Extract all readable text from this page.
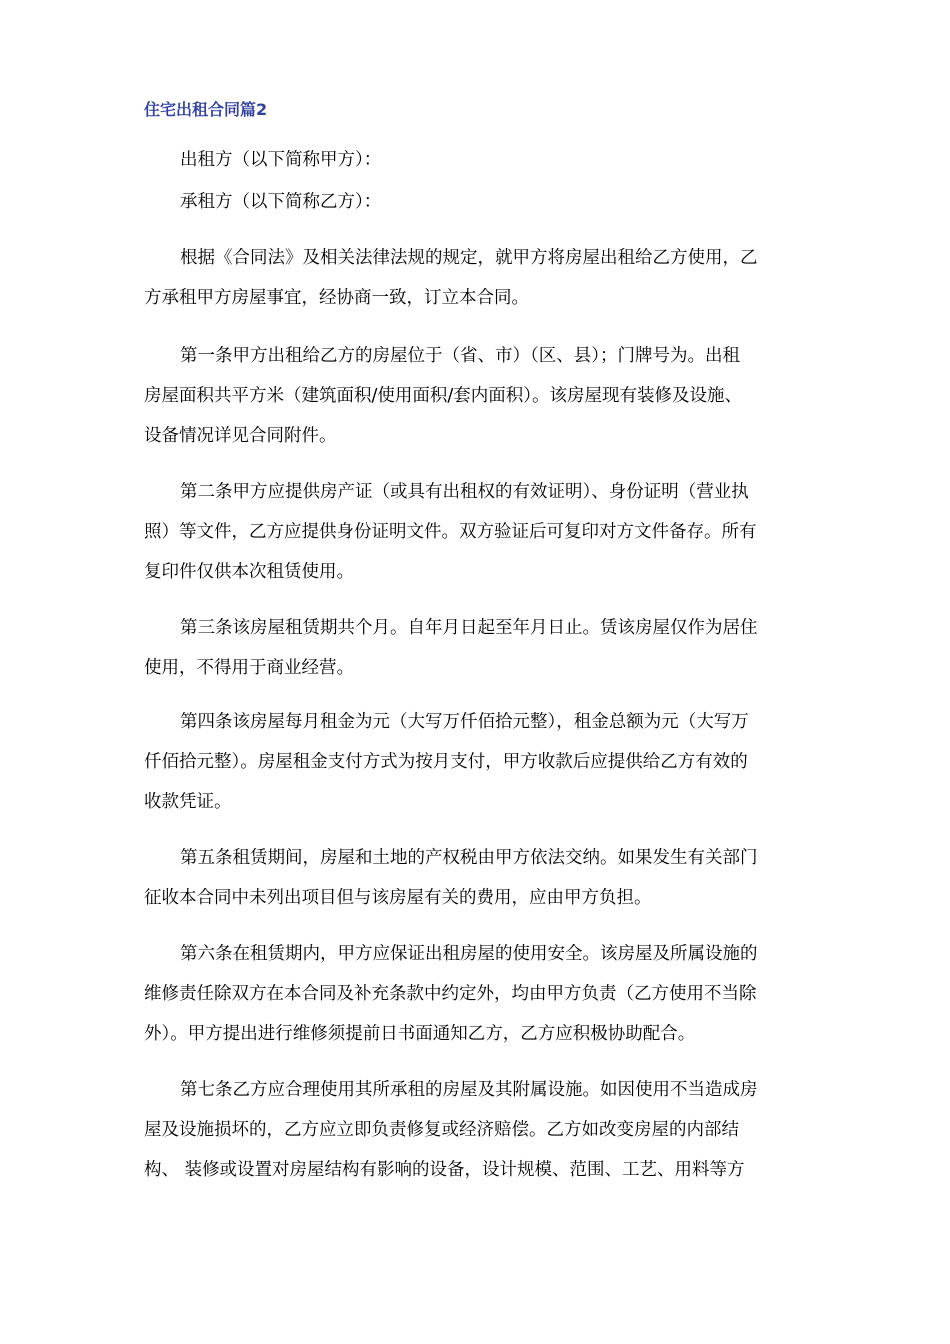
住宅出租合同篇2
出租方（以下简称甲方）：
承租方（以下简称乙方）：
根据《合同法》及相关法律法规的规定，就甲方将房屋出租给乙方使用，乙
方承租甲方房屋事宜，经协商一致，订立本合同。
第一条甲方出租给乙方的房屋位于（省、市）（区、县）；门牌号为。出租
房屋面积共平方米（建筑面积/使用面积/套内面积）。该房屋现有装修及设施、
设备情况详见合同附件。
第二条甲方应提供房产证（或具有出租权的有效证明）、身份证明（营业执
照）等文件，乙方应提供身份证明文件。双方验证后可复印对方文件备存。所有
复印件仅供本次租赁使用。
第三条该房屋租赁期共个月。自年月日起至年月日止。赁该房屋仅作为居住
使用，不得用于商业经营。
第四条该房屋每月租金为元（大写万仟佰拾元整），租金总额为元（大写万
仟佰拾元整）。房屋租金支付方式为按月支付，甲方收款后应提供给乙方有效的
收款凭证。
第五条租赁期间，房屋和土地的产权税由甲方依法交纳。如果发生有关部门
征收本合同中未列出项目但与该房屋有关的费用，应由甲方负担。
第六条在租赁期内，甲方应保证出租房屋的使用安全。该房屋及所属设施的
维修责任除双方在本合同及补充条款中约定外，均由甲方负责（乙方使用不当除
外）。甲方提出进行维修须提前日书面通知乙方，乙方应积极协助配合。
第七条乙方应合理使用其所承租的房屋及其附属设施。如因使用不当造成房
屋及设施损坏的，乙方应立即负责修复或经济赔偿。乙方如改变房屋的内部结
构、 装修或设置对房屋结构有影响的设备，设计规模、范围、工艺、用料等方
